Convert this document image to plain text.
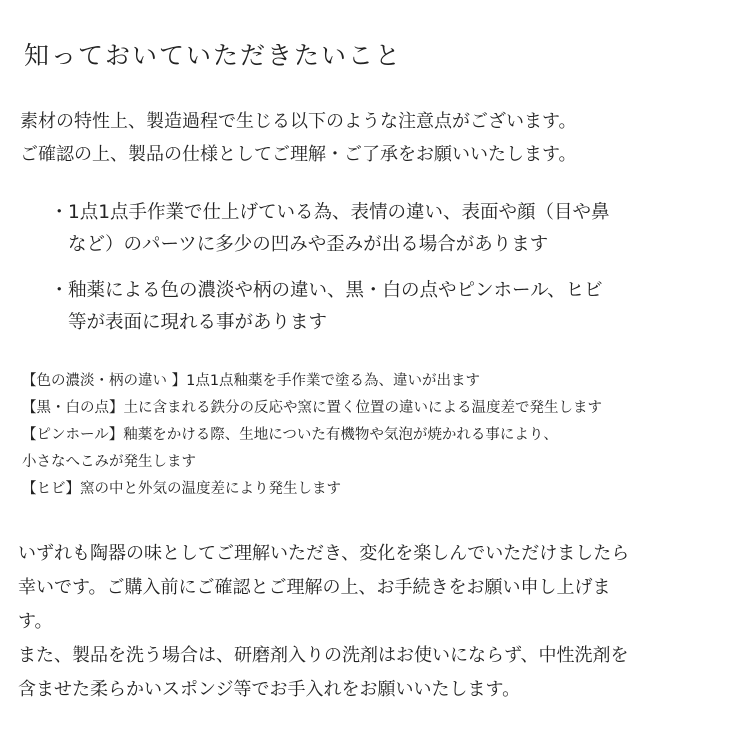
知っておいていただきたいこと
素材の特性上、製造過程で生じる以下のような注意点がございます。
ご確認の上、製品の仕様としてご理解・ご了承をお願いいたします。
・ 1点1点手作業で仕上げている為、表情の違い、表面や顔（目や鼻
など）のパーツに多少の凹みや歪みが出る場合があります
・ 釉薬による色の濃淡や柄の違い、黒・白の点やピンホール、ヒビ
等が表面に現れる事があります
【色の濃淡・柄の違い 】 1点1点釉薬を手作業で塗る為、違いが出ます
【黒・白の点】 土に含まれる鉄分の反応や窯に置く位置の違いによる温度差で発生します
【ピンホール】 釉薬をかける際、生地についた有機物や気泡が焼かれる事により、
小さなへこみが発生します
【ヒビ】 窯の中と外気の温度差により発生します

いずれも陶器の味としてご理解いただき、変化を楽しんでいただけましたら

幸いです。ご購入前にご確認とご理解の上、お手続きをお願い申し上げま

す。

また、製品を洗う場合は、研磨剤入りの洗剤はお使いにならず、中性洗剤を

含ませた柔らかいスポンジ等でお手入れをお願いいたします。
